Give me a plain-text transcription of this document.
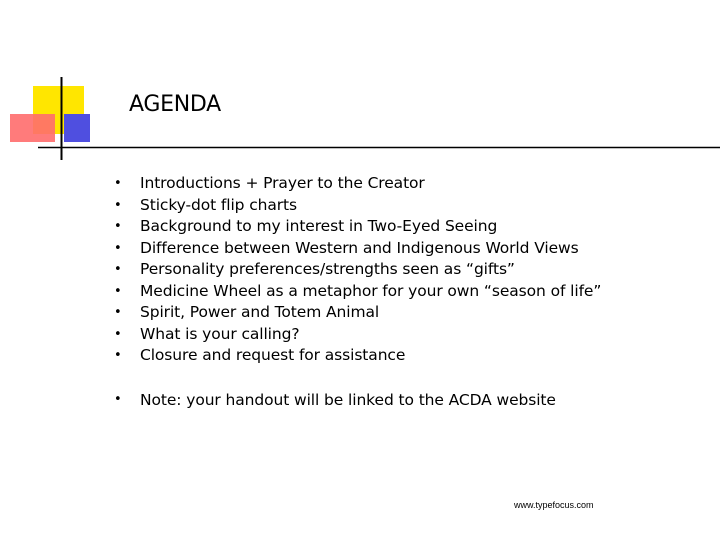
AGENDA
• Introductions + Prayer to the Creator
• Sticky-dot flip charts
• Background to my interest in Two-Eyed Seeing
• Difference between Western and Indigenous World Views
• Personality preferences/strengths seen as “gifts”
• Medicine Wheel as a metaphor for your own “season of life”
• Spirit, Power and Totem Animal
• What is your calling?
• Closure and request for assistance
• Note: your handout will be linked to the ACDA website
www.typefocus.com
